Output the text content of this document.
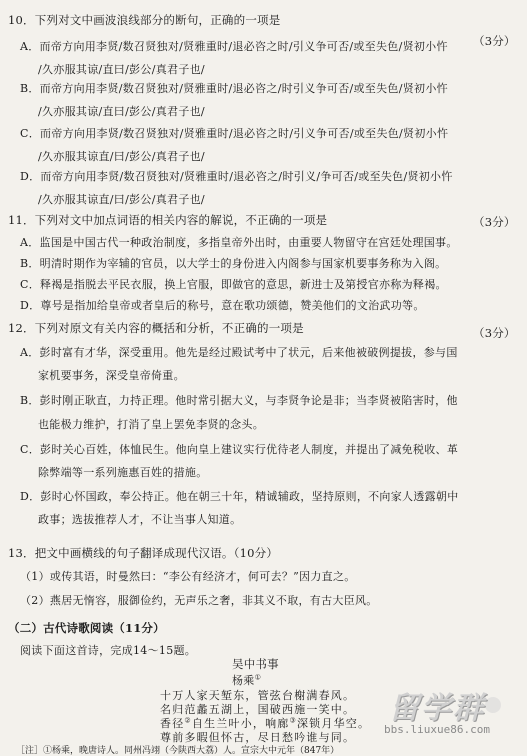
10．下列对文中画波浪线部分的断句，正确的一项是
（3分）
A．而帝方向用李贤/数召贤独对/贤雅重时/退必咨之时/引义争可否/或至失色/贤初小忤
/久亦服其谅/直曰/彭公/真君子也/
B．而帝方向用李贤/数召贤独对/贤雅重时/退必咨之/时引义争可否/或至失色/贤初小忤
/久亦服其谅/直曰/彭公/真君子也/
C．而帝方向用李贤/数召贤独对/贤雅重时/退必咨之时/引义争可否/或至失色/贤初小忤
/久亦服其谅直/曰/彭公/真君子也/
D．而帝方向用李贤/数召贤独对/贤雅重时/退必咨之/时引义/争可否/或至失色/贤初小忤
/久亦服其谅直/曰/彭公/真君子也/
11．下列对文中加点词语的相关内容的解说，不正确的一项是	（3分）
A．监国是中国古代一种政治制度，多指皇帝外出时，由重要人物留守在宫廷处理国事。
B．明清时期作为宰辅的官员，以大学士的身份进入内阁参与国家机要事务称为入阁。
C．释褐是指脱去平民衣服，换上官服，即做官的意思，新进士及第授官亦称为释褐。
D．尊号是指加给皇帝或者皇后的称号，意在歌功颂德，赞美他们的文治武功等。
12．下列对原文有关内容的概括和分析，不正确的一项是	（3分）
A．彭时富有才华，深受重用。他先是经过殿试考中了状元，后来他被破例提拔，参与国
家机要事务，深受皇帝倚重。
B．彭时刚正耿直，力持正理。他时常引据大义，与李贤争论是非；当李贤被陷害时，他
也能极力维护，打消了皇上罢免李贤的念头。
C．彭时关心百姓，体恤民生。他向皇上建议实行优待老人制度，并提出了减免税收、革
除弊端等一系列施惠百姓的措施。
D．彭时心怀国政，奉公持正。他在朝三十年，精诚辅政，坚持原则，不向家人透露朝中
政事；选拔推荐人才，不让当事人知道。
13．把文中画横线的句子翻译成现代汉语。（10分）
（1）或传其语，时曼然曰：“李公有经济才，何可去？”因力直之。
（2）燕居无惰容，服御俭约，无声乐之奢，非其义不取，有古大臣风。
（二）古代诗歌阅读（11分）
阅读下面这首诗，完成14～15题。
吴中书事
杨乘①
十万人家天堑东，管弦台榭满春风。
名归范蠡五湖上，国破西施一笑中。
香径②自生兰叶小，响廊③深锁月华空。
尊前多暇但怀古，尽日愁吟谁与同。
［注］①杨乘，晚唐诗人。同州冯翊（今陕西大荔）人。宣宗大中元年（847年）
留学群
bbs.liuxue86.com
